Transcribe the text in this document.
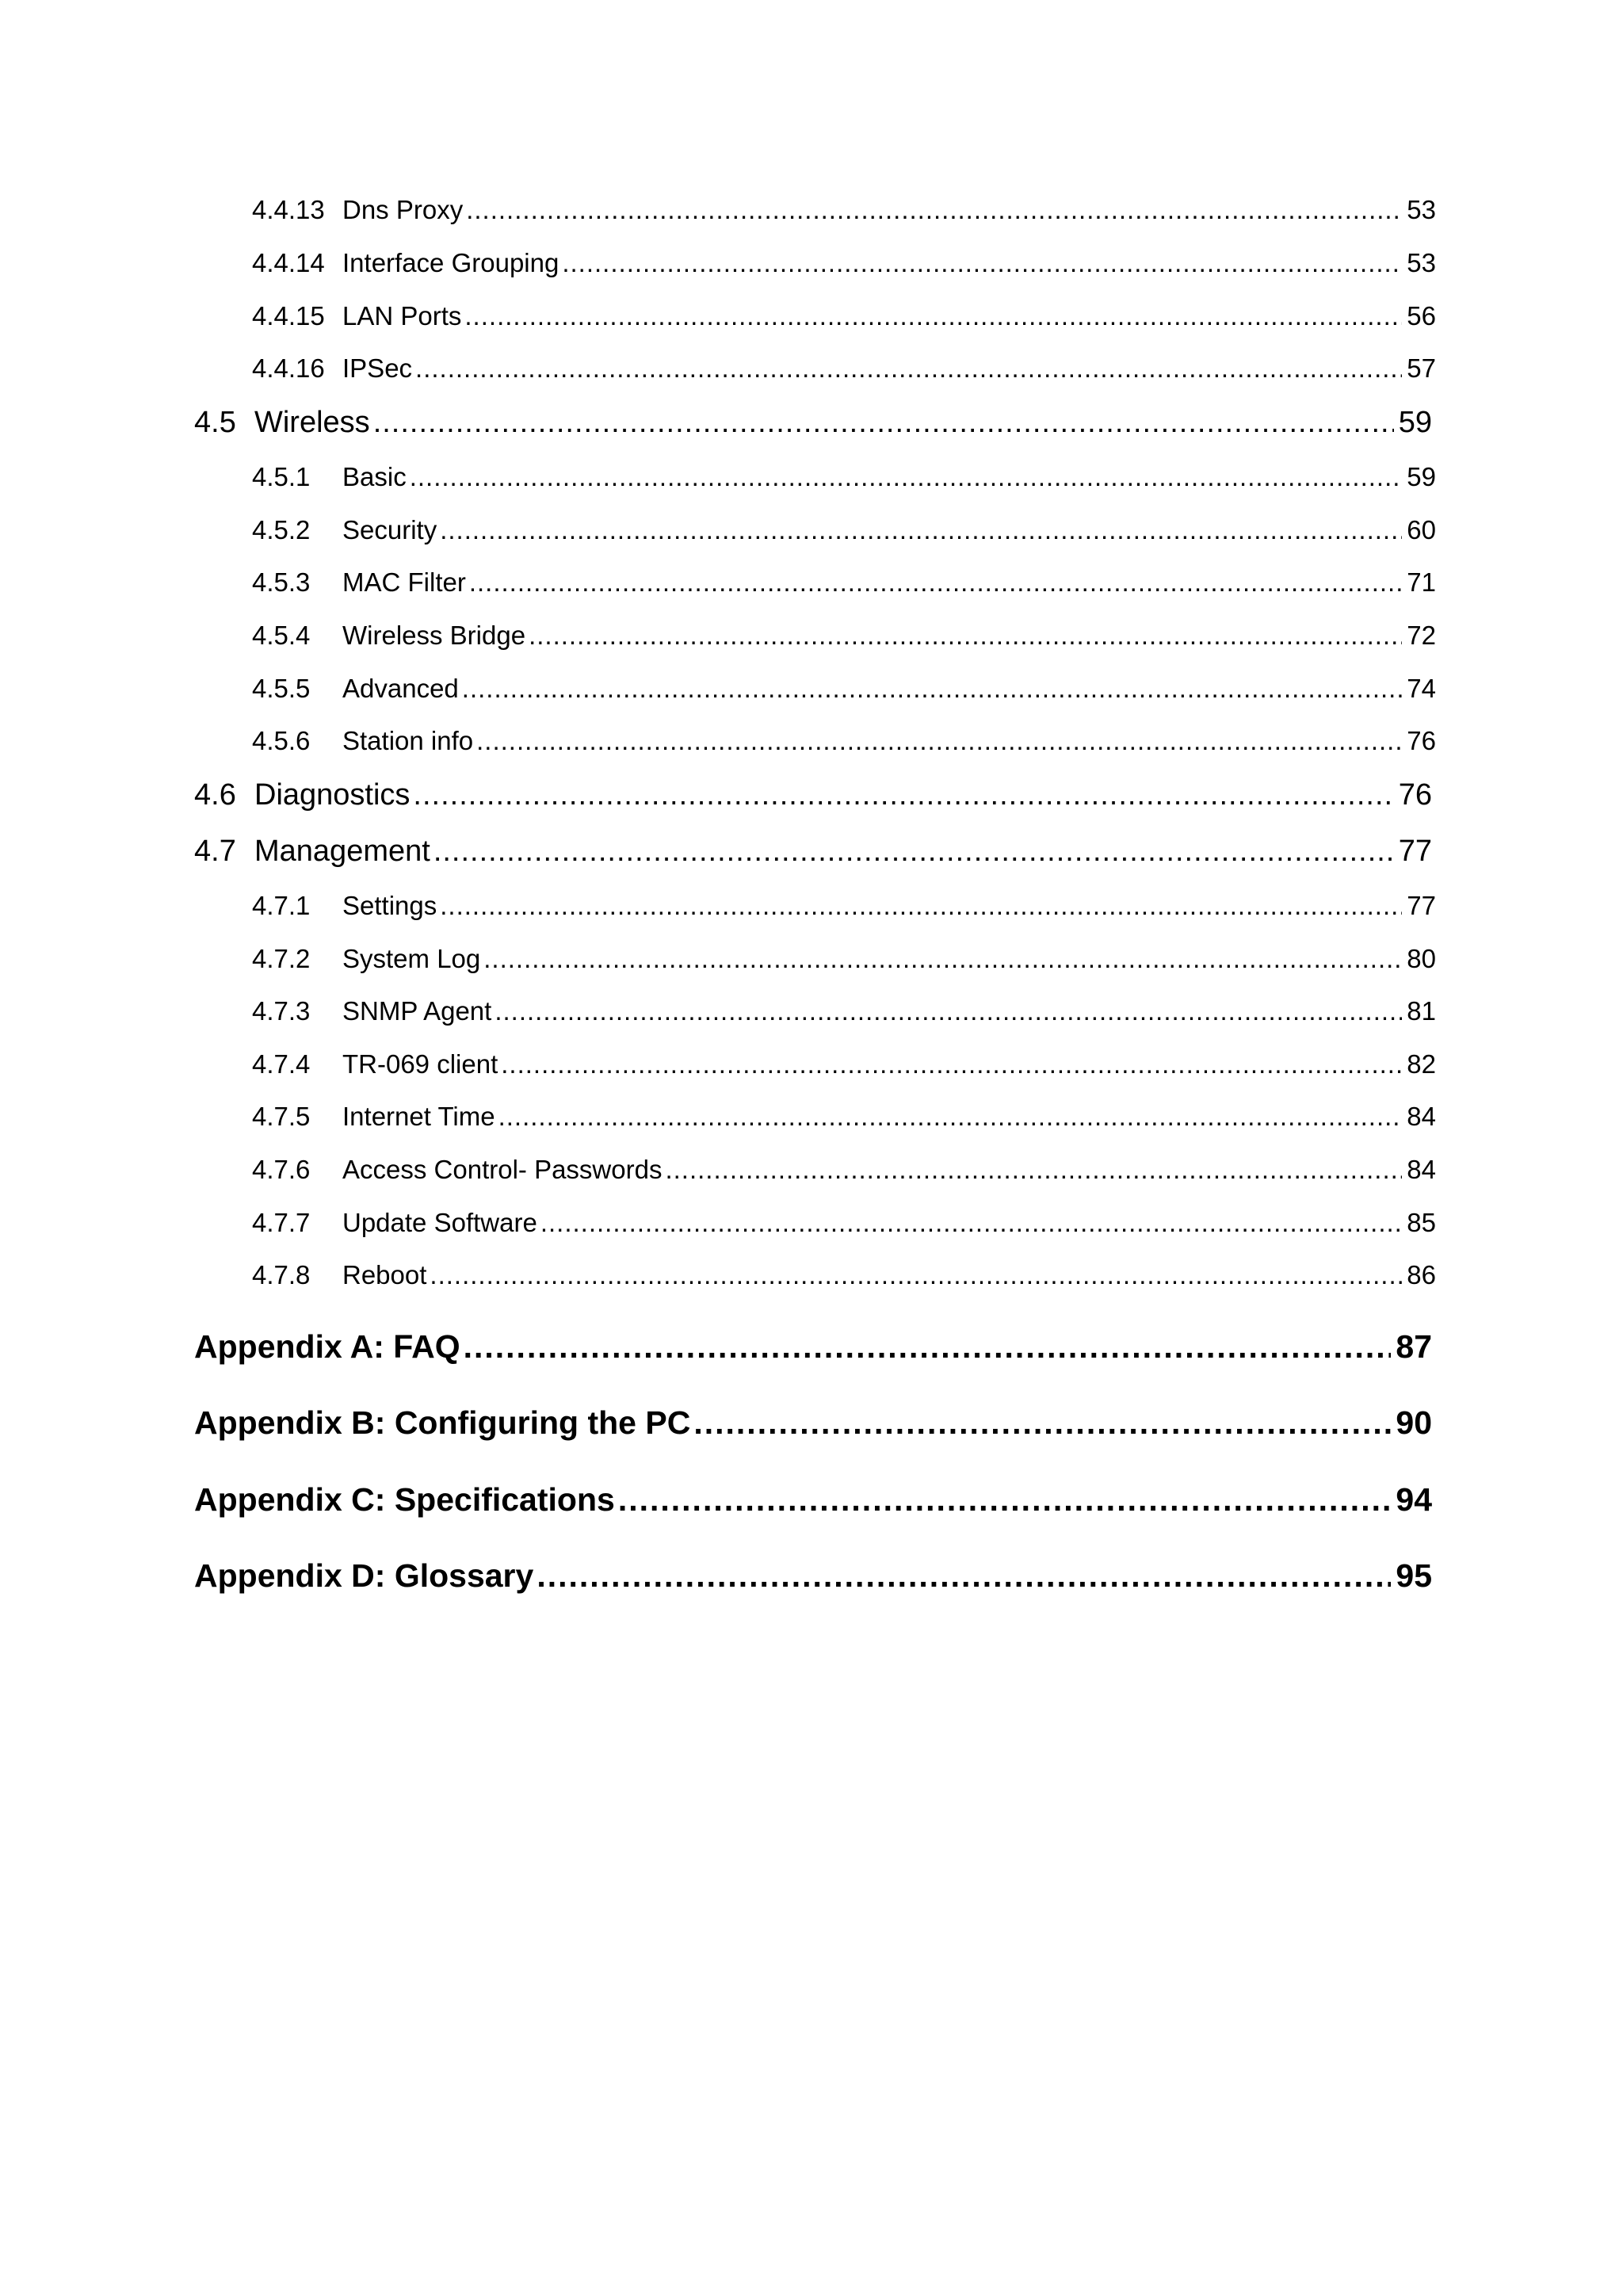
4.4.13 Dns Proxy .....	53
4.4.14 Interface Grouping .....	53
4.4.15 LAN Ports .....	56
4.4.16 IPSec .....	57
4.5 Wireless .....	59
4.5.1	Basic .....	59
4.5.2	Security .....	60
4.5.3	MAC Filter .....	71
4.5.4	Wireless Bridge .....	72
4.5.5	Advanced .....	74
4.5.6	Station info .....	76
4.6 Diagnostics .....	76
4.7 Management .....	77
4.7.1	Settings .....	77
4.7.2	System Log .....	80
4.7.3	SNMP Agent .....	81
4.7.4	TR-069 client .....	82
4.7.5	Internet Time .....	84
4.7.6	Access Control- Passwords .....	84
4.7.7	Update Software .....	85
4.7.8	Reboot .....	86
Appendix A: FAQ .....	87
Appendix B: Configuring the PC .....	90
Appendix C: Specifications .....	94
Appendix D: Glossary .....	95
